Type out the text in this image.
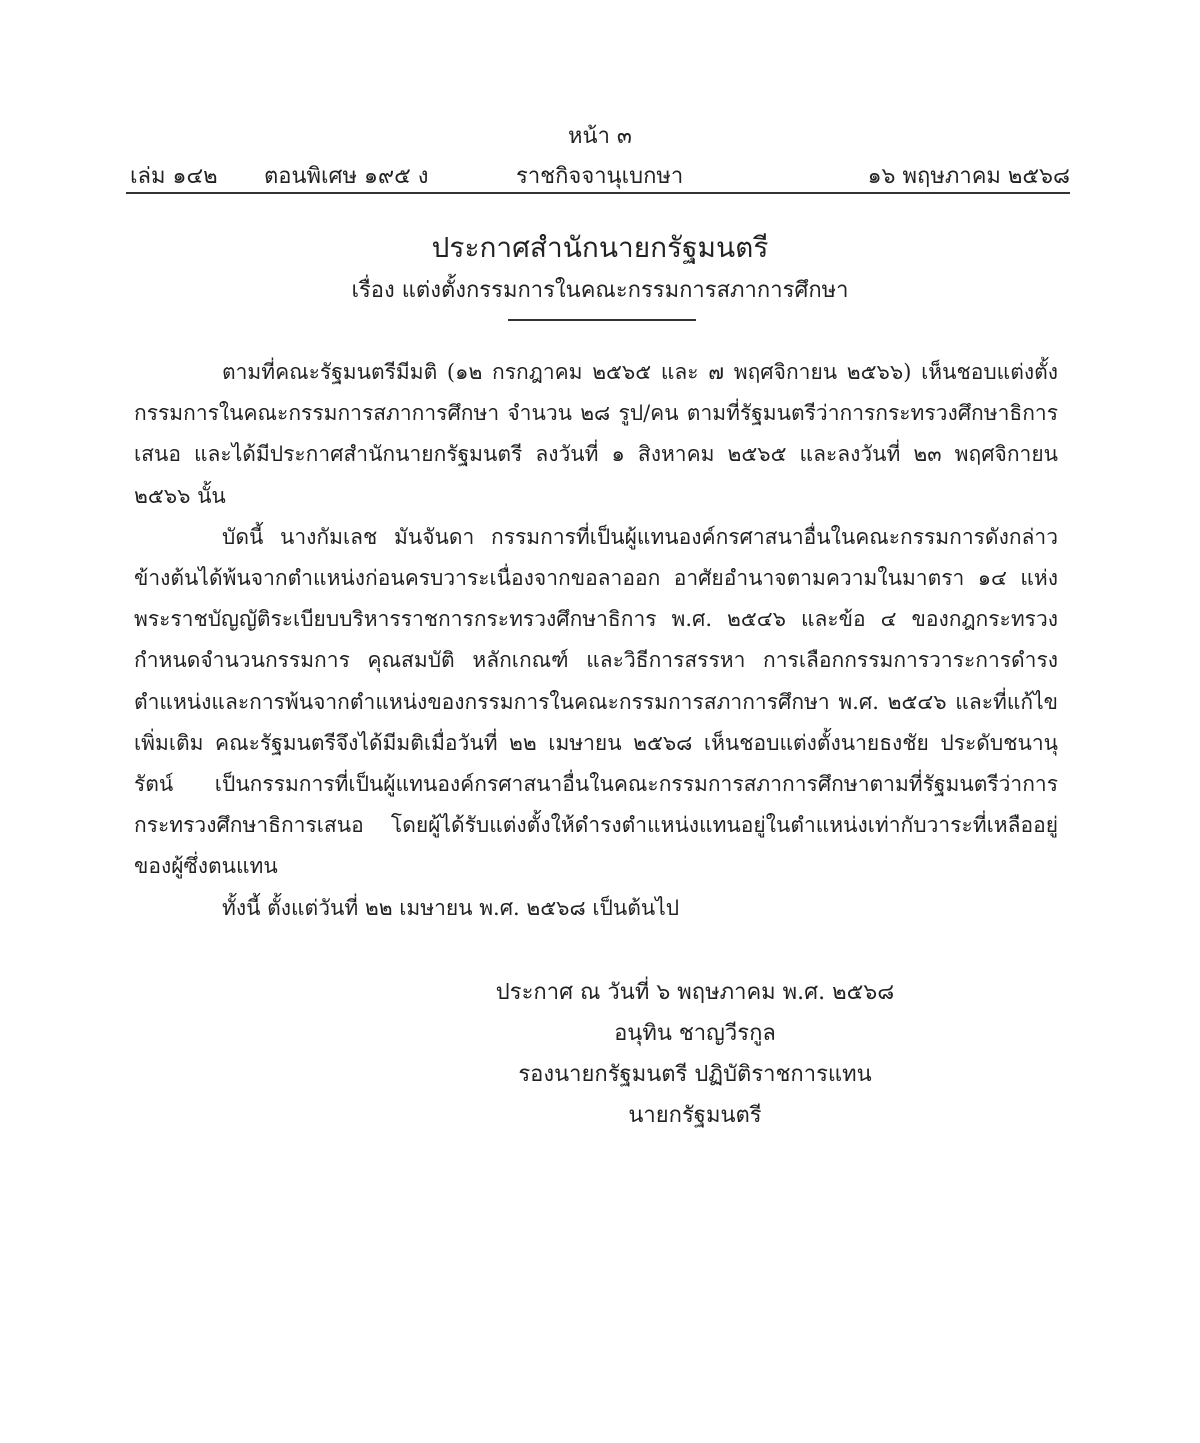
หน้า ๓
เล่ม ๑๔๒ ตอนพิเศษ ๑๙๕ ง	ราชกิจจานุเบกษา	๑๖ พฤษภาคม ๒๕๖๘
ประกาศสำนักนายกรัฐมนตรี
เรื่อง แต่งตั้งกรรมการในคณะกรรมการสภาการศึกษา

ตามที่คณะรัฐมนตรีมีมติ (๑๒ กรกฎาคม ๒๕๖๕ และ ๗ พฤศจิกายน ๒๕๖๖) เห็นชอบแต่งตั้งกรรมการในคณะกรรมการสภาการศึกษา จำนวน ๒๘ รูป/คน ตามที่รัฐมนตรีว่าการกระทรวงศึกษาธิการเสนอ และได้มีประกาศสำนักนายกรัฐมนตรี ลงวันที่ ๑ สิงหาคม ๒๕๖๕ และลงวันที่ ๒๓ พฤศจิกายน ๒๕๖๖ นั้น

บัดนี้ นางกัมเลช มันจันดา กรรมการที่เป็นผู้แทนองค์กรศาสนาอื่นในคณะกรรมการดังกล่าวข้างต้นได้พ้นจากตำแหน่งก่อนครบวาระเนื่องจากขอลาออก อาศัยอำนาจตามความในมาตรา ๑๔ แห่งพระราชบัญญัติระเบียบบริหารราชการกระทรวงศึกษาธิการ พ.ศ. ๒๕๔๖ และข้อ ๔ ของกฎกระทรวงกำหนดจำนวนกรรมการ คุณสมบัติ หลักเกณฑ์ และวิธีการสรรหา การเลือกกรรมการวาระการดำรงตำแหน่งและการพ้นจากตำแหน่งของกรรมการในคณะกรรมการสภาการศึกษา พ.ศ. ๒๕๔๖ และที่แก้ไขเพิ่มเติม คณะรัฐมนตรีจึงได้มีมติเมื่อวันที่ ๒๒ เมษายน ๒๕๖๘ เห็นชอบแต่งตั้งนายธงชัย ประดับชนานุรัตน์ เป็นกรรมการที่เป็นผู้แทนองค์กรศาสนาอื่นในคณะกรรมการสภาการศึกษาตามที่รัฐมนตรีว่าการกระทรวงศึกษาธิการเสนอ โดยผู้ได้รับแต่งตั้งให้ดำรงตำแหน่งแทนอยู่ในตำแหน่งเท่ากับวาระที่เหลืออยู่ของผู้ซึ่งตนแทน

ทั้งนี้ ตั้งแต่วันที่ ๒๒ เมษายน พ.ศ. ๒๕๖๘ เป็นต้นไป

ประกาศ ณ วันที่ ๖ พฤษภาคม พ.ศ. ๒๕๖๘
อนุทิน ชาญวีรกูล
รองนายกรัฐมนตรี ปฏิบัติราชการแทน
นายกรัฐมนตรี
